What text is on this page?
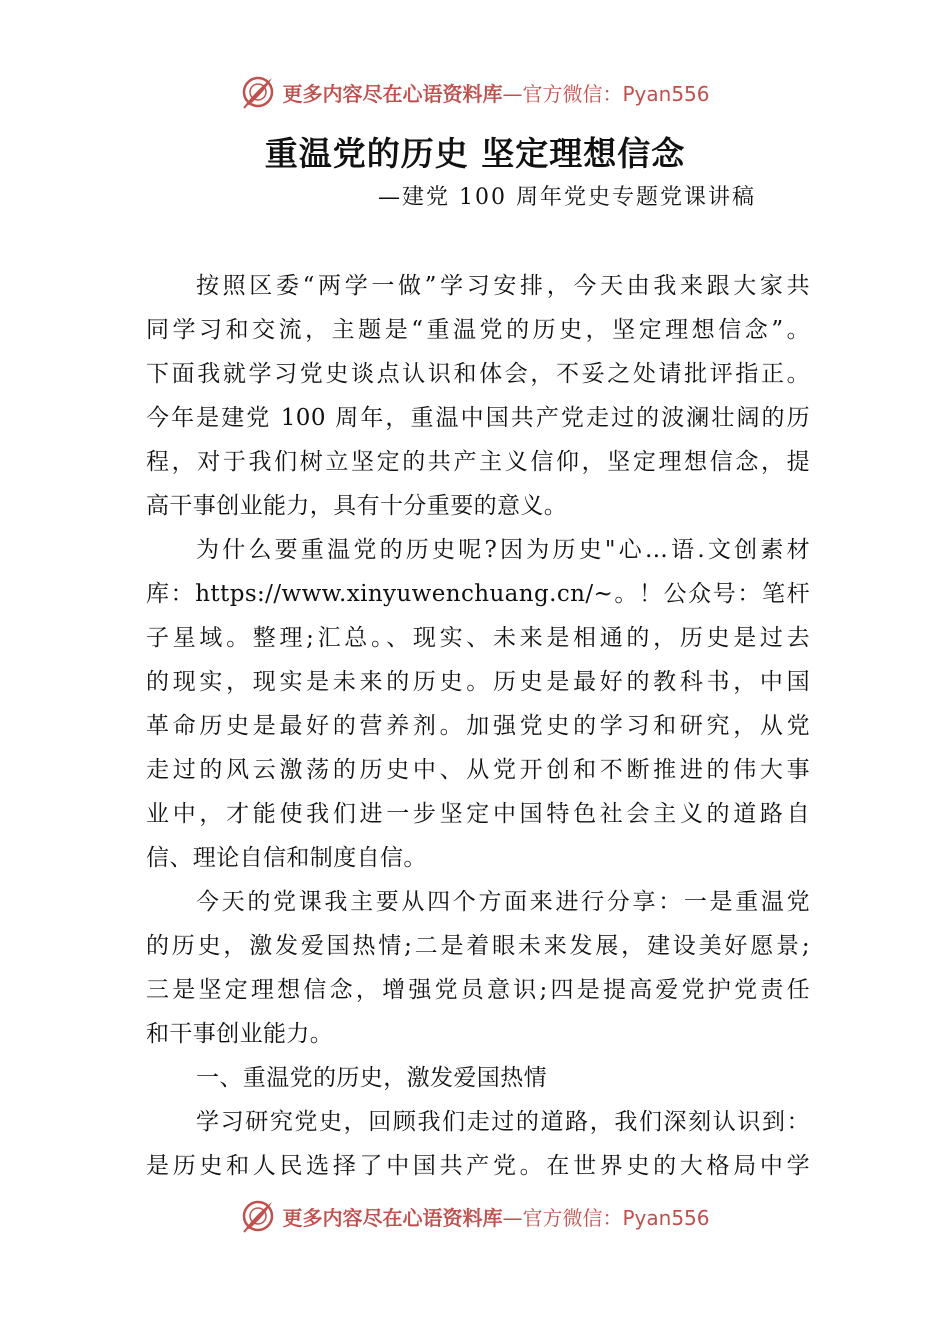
更多内容尽在心语资料库—官方微信：Pyan556
重温党的历史 坚定理想信念
—建党 100 周年党史专题党课讲稿
按照区委“两学一做”学习安排，今天由我来跟大家共
同学习和交流，主题是“重温党的历史，坚定理想信念”。
下面我就学习党史谈点认识和体会，不妥之处请批评指正。
今年是建党 100 周年，重温中国共产党走过的波澜壮阔的历
程，对于我们树立坚定的共产主义信仰，坚定理想信念，提
高干事创业能力，具有十分重要的意义。
为什么要重温党的历史呢?因为历史"心…语.文创素材
库：https://www.xinyuwenchuang.cn/~。！公众号：笔杆
子星域。整理;汇总。、现实、未来是相通的，历史是过去
的现实，现实是未来的历史。历史是最好的教科书，中国
革命历史是最好的营养剂。加强党史的学习和研究，从党
走过的风云激荡的历史中、从党开创和不断推进的伟大事
业中，才能使我们进一步坚定中国特色社会主义的道路自
信、理论自信和制度自信。
今天的党课我主要从四个方面来进行分享：一是重温党
的历史，激发爱国热情;二是着眼未来发展，建设美好愿景;
三是坚定理想信念，增强党员意识;四是提高爱党护党责任
和干事创业能力。
一、重温党的历史，激发爱国热情
学习研究党史，回顾我们走过的道路，我们深刻认识到：
是历史和人民选择了中国共产党。在世界史的大格局中学
更多内容尽在心语资料库—官方微信：Pyan556
